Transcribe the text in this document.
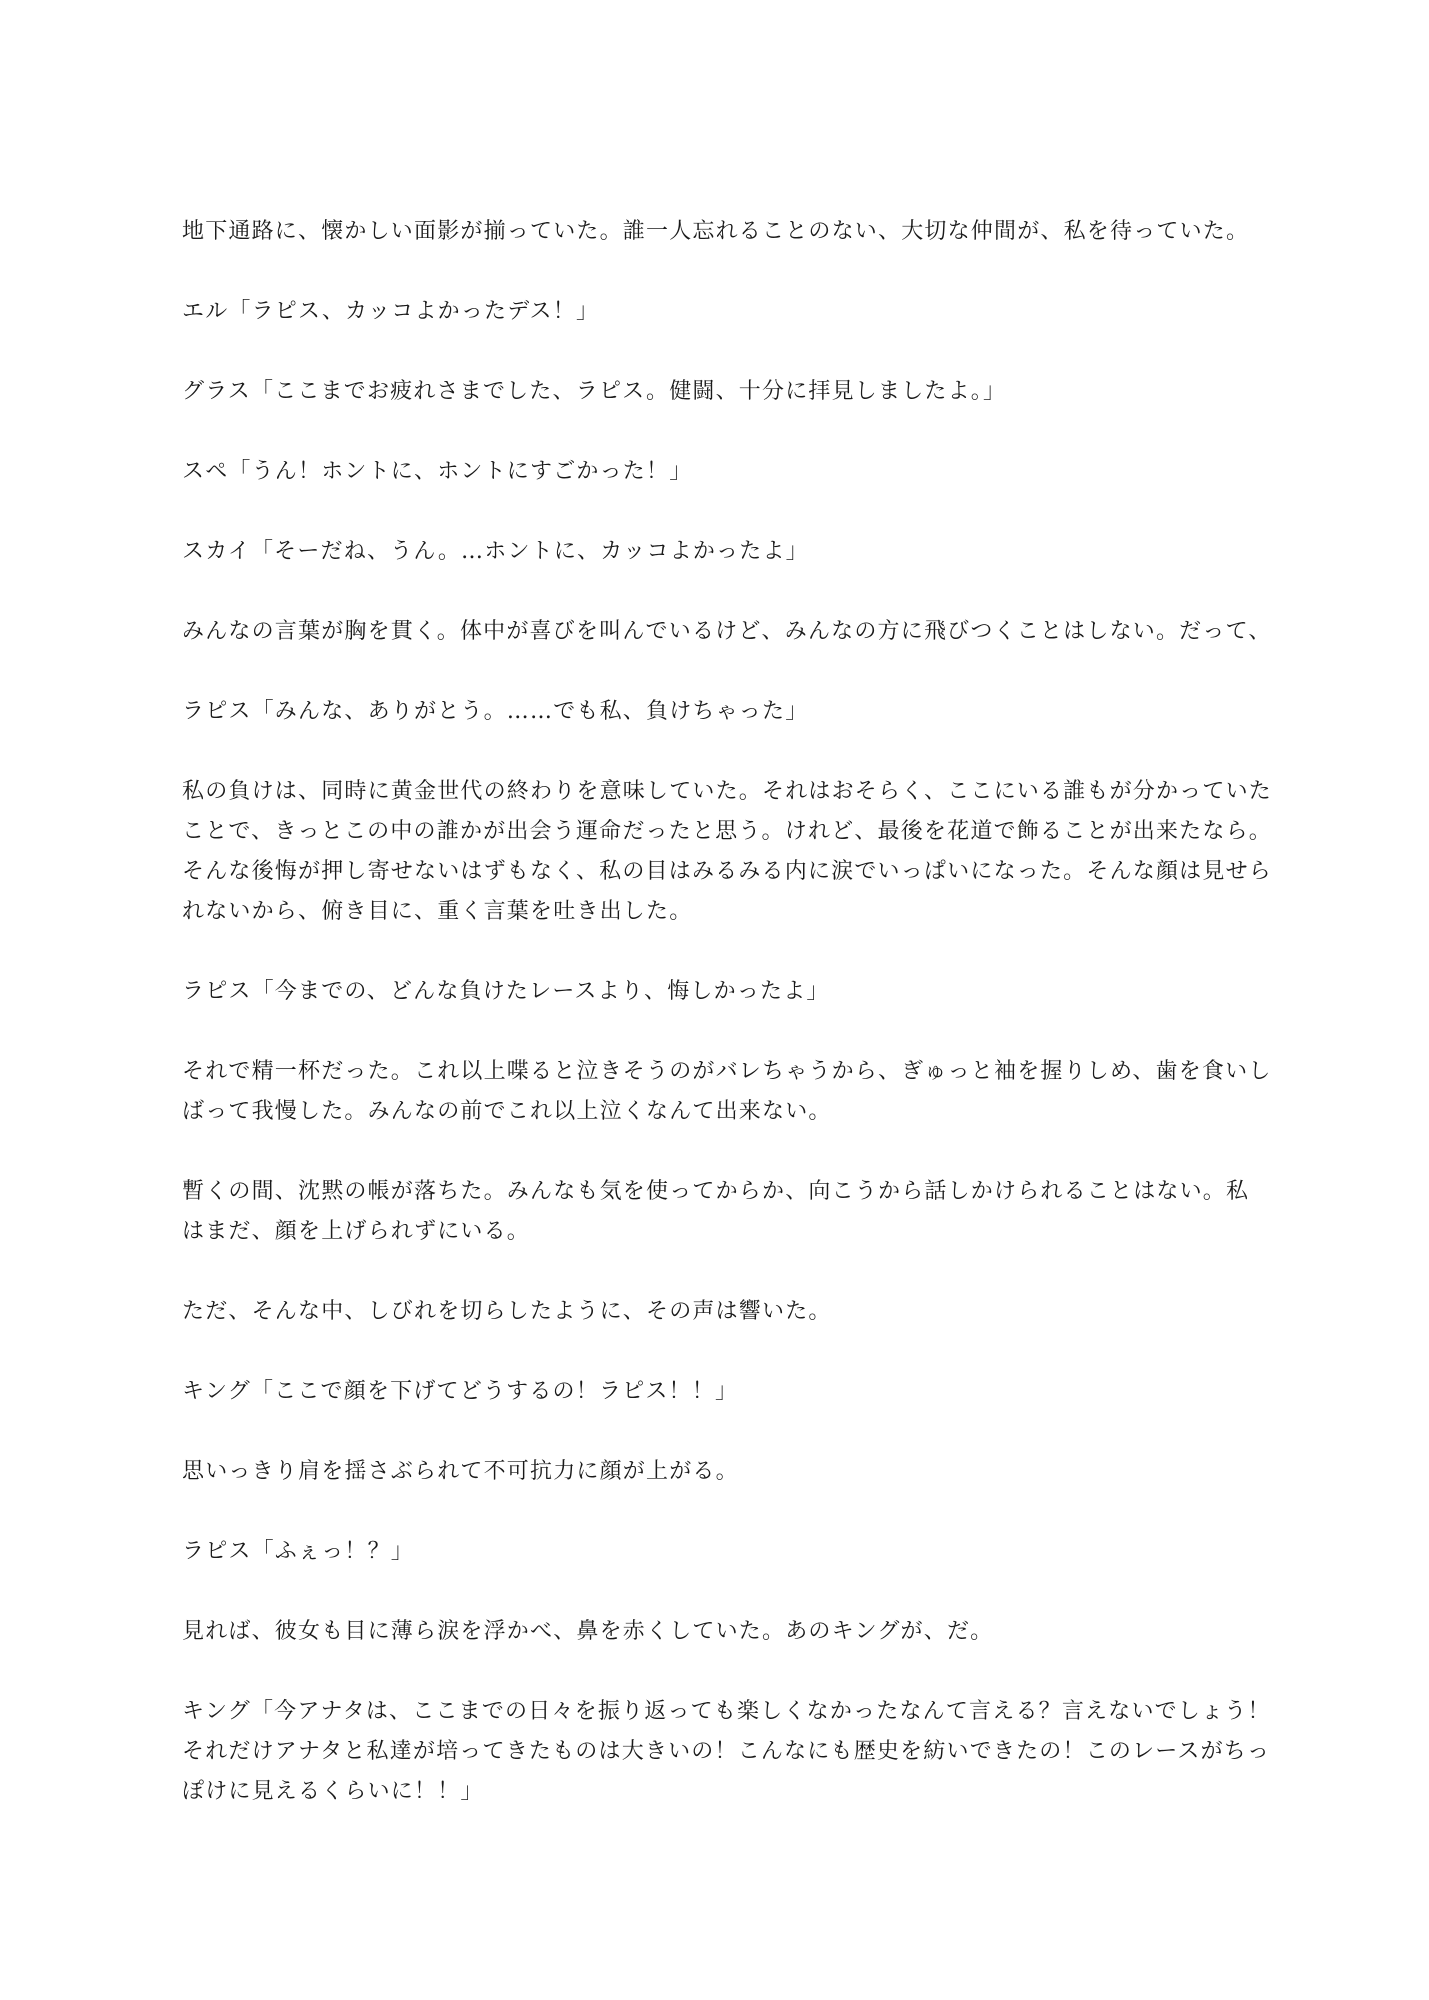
地下通路に、懐かしい面影が揃っていた。誰一人忘れることのない、大切な仲間が、私を待っていた。

エル「ラピス、カッコよかったデス！」

グラス「ここまでお疲れさまでした、ラピス。健闘、十分に拝見しましたよ。」

スペ「うん！ホントに、ホントにすごかった！」

スカイ「そーだね、うん。…ホントに、カッコよかったよ」

みんなの言葉が胸を貫く。体中が喜びを叫んでいるけど、みんなの方に飛びつくことはしない。だって、

ラピス「みんな、ありがとう。……でも私、負けちゃった」

私の負けは、同時に黄金世代の終わりを意味していた。それはおそらく、ここにいる誰もが分かっていたことで、きっとこの中の誰かが出会う運命だったと思う。けれど、最後を花道で飾ることが出来たなら。そんな後悔が押し寄せないはずもなく、私の目はみるみる内に涙でいっぱいになった。そんな顔は見せられないから、俯き目に、重く言葉を吐き出した。

ラピス「今までの、どんな負けたレースより、悔しかったよ」

それで精一杯だった。これ以上喋ると泣きそうのがバレちゃうから、ぎゅっと袖を握りしめ、歯を食いしばって我慢した。みんなの前でこれ以上泣くなんて出来ない。

暫くの間、沈黙の帳が落ちた。みんなも気を使ってからか、向こうから話しかけられることはない。私はまだ、顔を上げられずにいる。

ただ、そんな中、しびれを切らしたように、その声は響いた。

キング「ここで顔を下げてどうするの！ラピス！！」

思いっきり肩を揺さぶられて不可抗力に顔が上がる。

ラピス「ふぇっ！？」

見れば、彼女も目に薄ら涙を浮かべ、鼻を赤くしていた。あのキングが、だ。

キング「今アナタは、ここまでの日々を振り返っても楽しくなかったなんて言える？言えないでしょう！それだけアナタと私達が培ってきたものは大きいの！こんなにも歴史を紡いできたの！このレースがちっぽけに見えるくらいに！！」
